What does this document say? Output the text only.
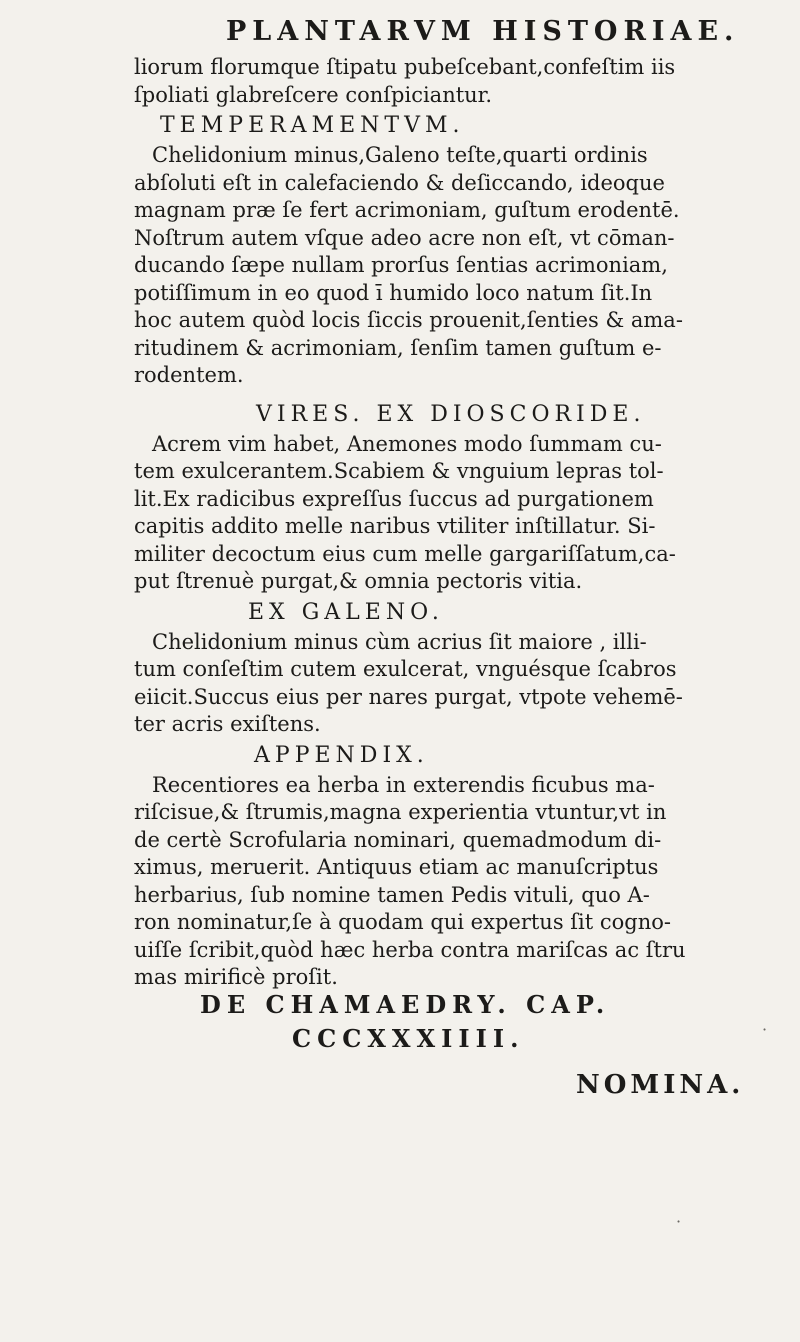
PLANTARVM HISTORIAE.
liorum florumque ſtipatu pubeſcebant,confeſtim iis
ſpoliati glabreſcere conſpiciantur.
TEMPERAMENTVM.
Chelidonium minus,Galeno teſte,quarti ordinis
abſoluti eſt in calefaciendo & deſiccando, ideoque
magnam præ ſe fert acrimoniam, guſtum erodentē.
Noſtrum autem vſque adeo acre non eſt, vt cōman-
ducando ſæpe nullam prorſus ſentias acrimoniam,
potiſſimum in eo quod ī humido loco natum ſit.In
hoc autem quòd locis ſiccis prouenit,ſenties & ama-
ritudinem & acrimoniam, ſenſim tamen guſtum e-
rodentem.
VIRES. EX DIOSCORIDE.
Acrem vim habet, Anemones modo ſummam cu-
tem exulcerantem.Scabiem & vnguium lepras tol-
lit.Ex radicibus expreſſus ſuccus ad purgationem
capitis addito melle naribus vtiliter inſtillatur. Si-
militer decoctum eius cum melle gargariſſatum,ca-
put ſtrenuè purgat,& omnia pectoris vitia.
EX GALENO.
Chelidonium minus cùm acrius ſit maiore , illi-
tum conſeſtim cutem exulcerat, vnguésque ſcabros
eiicit.Succus eius per nares purgat, vtpote vehemē-
ter acris exiſtens.
APPENDIX.
Recentiores ea herba in exterendis ficubus ma-
riſcisue,& ſtrumis,magna experientia vtuntur,vt in
de certè Scrofularia nominari, quemadmodum di-
ximus, meruerit. Antiquus etiam ac manuſcriptus
herbarius, ſub nomine tamen Pedis vituli, quo A-
ron nominatur,ſe à quodam qui expertus ſit cogno-
uiſſe ſcribit,quòd hæc herba contra mariſcas ac ſtru
mas mirificè proſit.
DE CHAMAEDRY. CAP.
CCCXXXIIII.
NOMINA.
·
·
